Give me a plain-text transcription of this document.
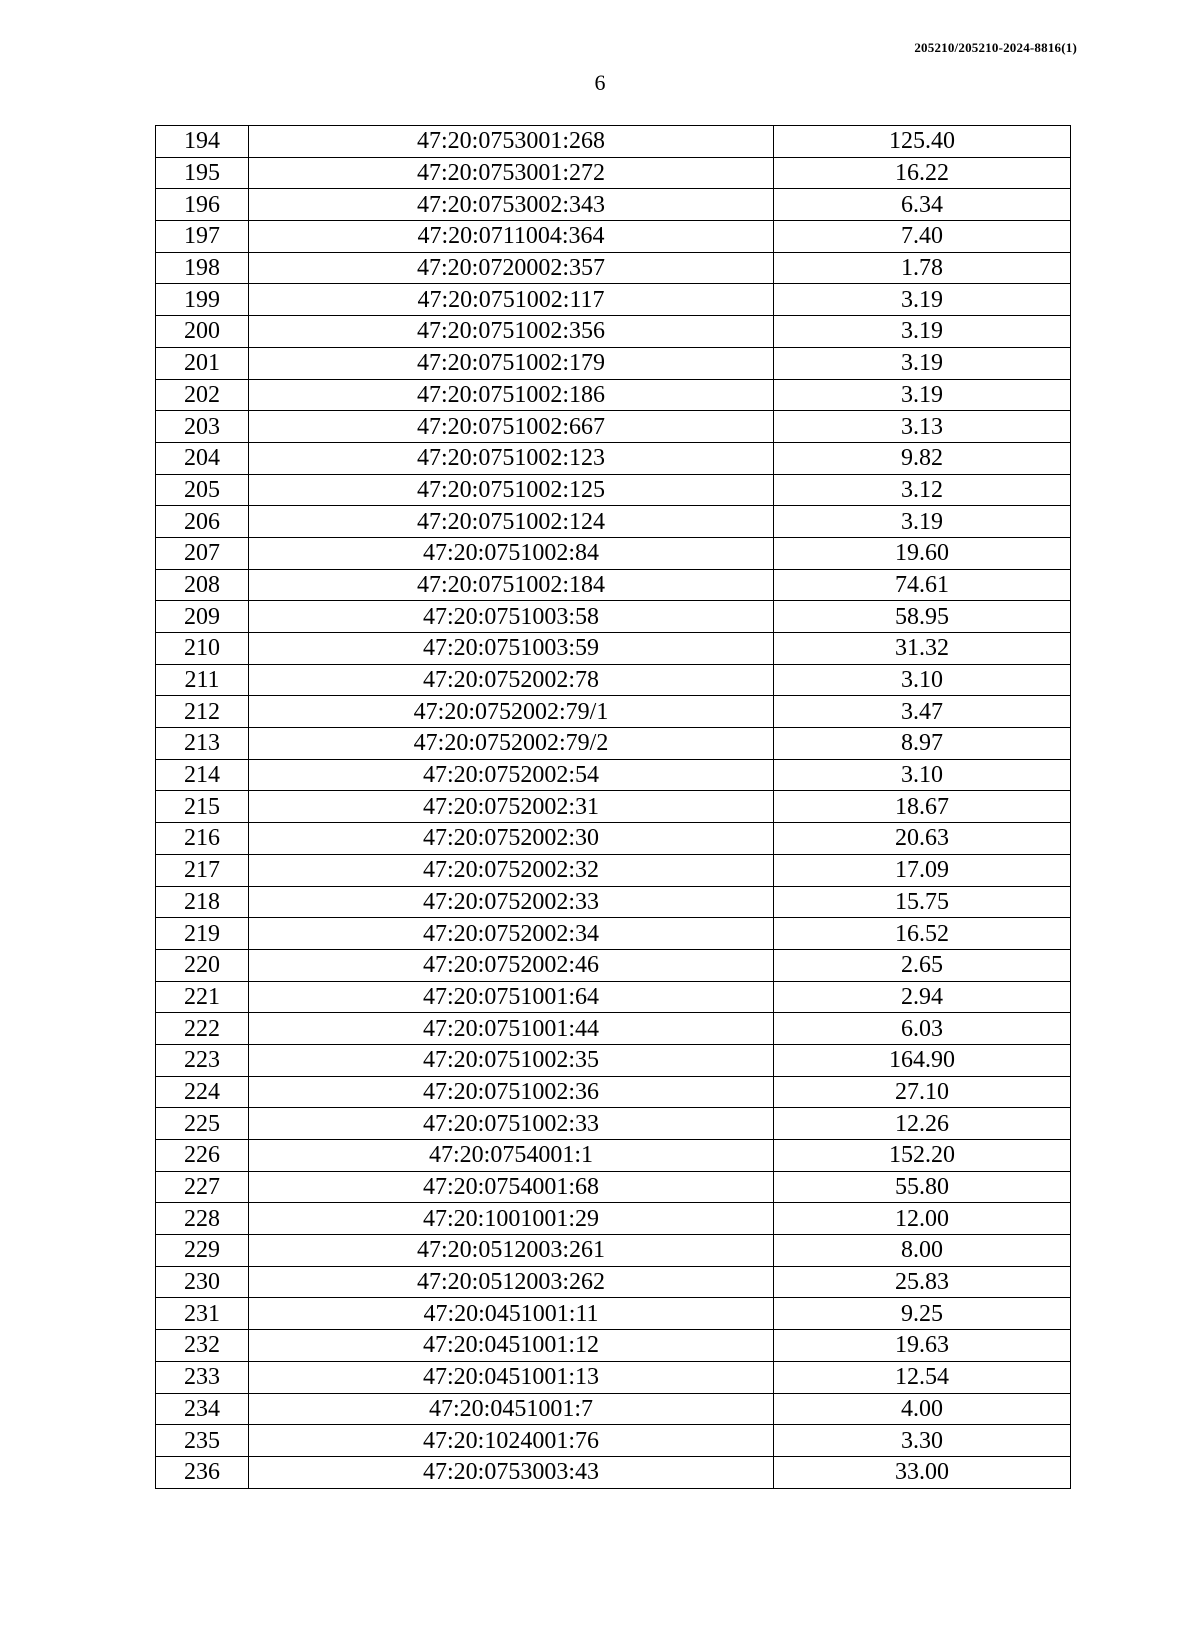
205210/205210-2024-8816(1)
6
194	47:20:0753001:268	125.40
195	47:20:0753001:272	16.22
196	47:20:0753002:343	6.34
197	47:20:0711004:364	7.40
198	47:20:0720002:357	1.78
199	47:20:0751002:117	3.19
200	47:20:0751002:356	3.19
201	47:20:0751002:179	3.19
202	47:20:0751002:186	3.19
203	47:20:0751002:667	3.13
204	47:20:0751002:123	9.82
205	47:20:0751002:125	3.12
206	47:20:0751002:124	3.19
207	47:20:0751002:84	19.60
208	47:20:0751002:184	74.61
209	47:20:0751003:58	58.95
210	47:20:0751003:59	31.32
211	47:20:0752002:78	3.10
212	47:20:0752002:79/1	3.47
213	47:20:0752002:79/2	8.97
214	47:20:0752002:54	3.10
215	47:20:0752002:31	18.67
216	47:20:0752002:30	20.63
217	47:20:0752002:32	17.09
218	47:20:0752002:33	15.75
219	47:20:0752002:34	16.52
220	47:20:0752002:46	2.65
221	47:20:0751001:64	2.94
222	47:20:0751001:44	6.03
223	47:20:0751002:35	164.90
224	47:20:0751002:36	27.10
225	47:20:0751002:33	12.26
226	47:20:0754001:1	152.20
227	47:20:0754001:68	55.80
228	47:20:1001001:29	12.00
229	47:20:0512003:261	8.00
230	47:20:0512003:262	25.83
231	47:20:0451001:11	9.25
232	47:20:0451001:12	19.63
233	47:20:0451001:13	12.54
234	47:20:0451001:7	4.00
235	47:20:1024001:76	3.30
236	47:20:0753003:43	33.00
